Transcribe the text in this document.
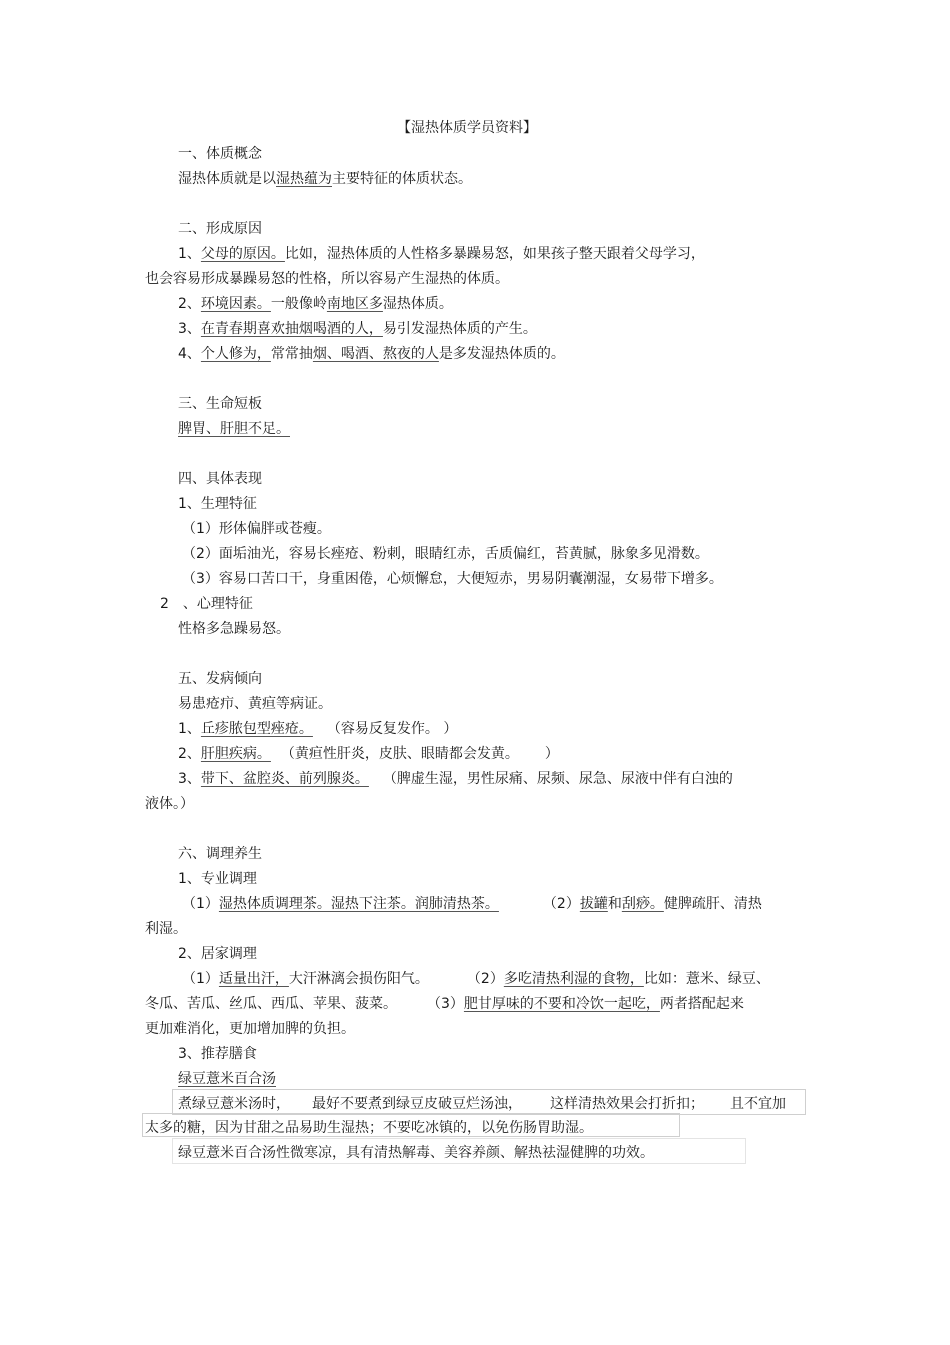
【湿热体质学员资料】
一、体质概念
湿热体质就是以湿热蕴为主要特征的体质状态。
二、形成原因
1、父母的原因。比如，湿热体质的人性格多暴躁易怒，如果孩子整天跟着父母学习，
也会容易形成暴躁易怒的性格，所以容易产生湿热的体质。
2、环境因素。一般像岭南地区多湿热体质。
3、在青春期喜欢抽烟喝酒的人，易引发湿热体质的产生。
4、个人修为，常常抽烟、喝酒、熬夜的人是多发湿热体质的。
三、生命短板
脾胃、肝胆不足。
四、具体表现
1、生理特征
（1）形体偏胖或苍瘦。
（2）面垢油光，容易长痤疮、粉刺，眼睛红赤，舌质偏红，苔黄腻，脉象多见滑数。
（3）容易口苦口干，身重困倦，心烦懈怠，大便短赤，男易阴囊潮湿，女易带下增多。
2 、心理特征
性格多急躁易怒。
五、发病倾向
易患疮疖、黄疸等病证。
1、丘疹脓包型痤疮。 （容易反复发作。 ）
2、肝胆疾病。 （黄疸性肝炎，皮肤、眼睛都会发黄。 ）
3、带下、盆腔炎、前列腺炎。 （脾虚生湿，男性尿痛、尿频、尿急、尿液中伴有白浊的
液体。）
六、调理养生
1、专业调理
（1）湿热体质调理茶。湿热下注茶。润肺清热茶。	（2）拔罐和刮痧。健脾疏肝、清热
利湿。
2、居家调理
（1）适量出汗，大汗淋漓会损伤阳气。	（2）多吃清热利湿的食物，比如：薏米、绿豆、
冬瓜、苦瓜、丝瓜、西瓜、苹果、菠菜。 （3）肥甘厚味的不要和冷饮一起吃，两者搭配起来
更加难消化，更加增加脾的负担。
3、推荐膳食
绿豆薏米百合汤
煮绿豆薏米汤时， 最好不要煮到绿豆皮破豆烂汤浊， 这样清热效果会打折扣； 且不宜加
太多的糖，因为甘甜之品易助生湿热；不要吃冰镇的，以免伤肠胃助湿。
绿豆薏米百合汤性微寒凉，具有清热解毒、美容养颜、解热祛湿健脾的功效。
